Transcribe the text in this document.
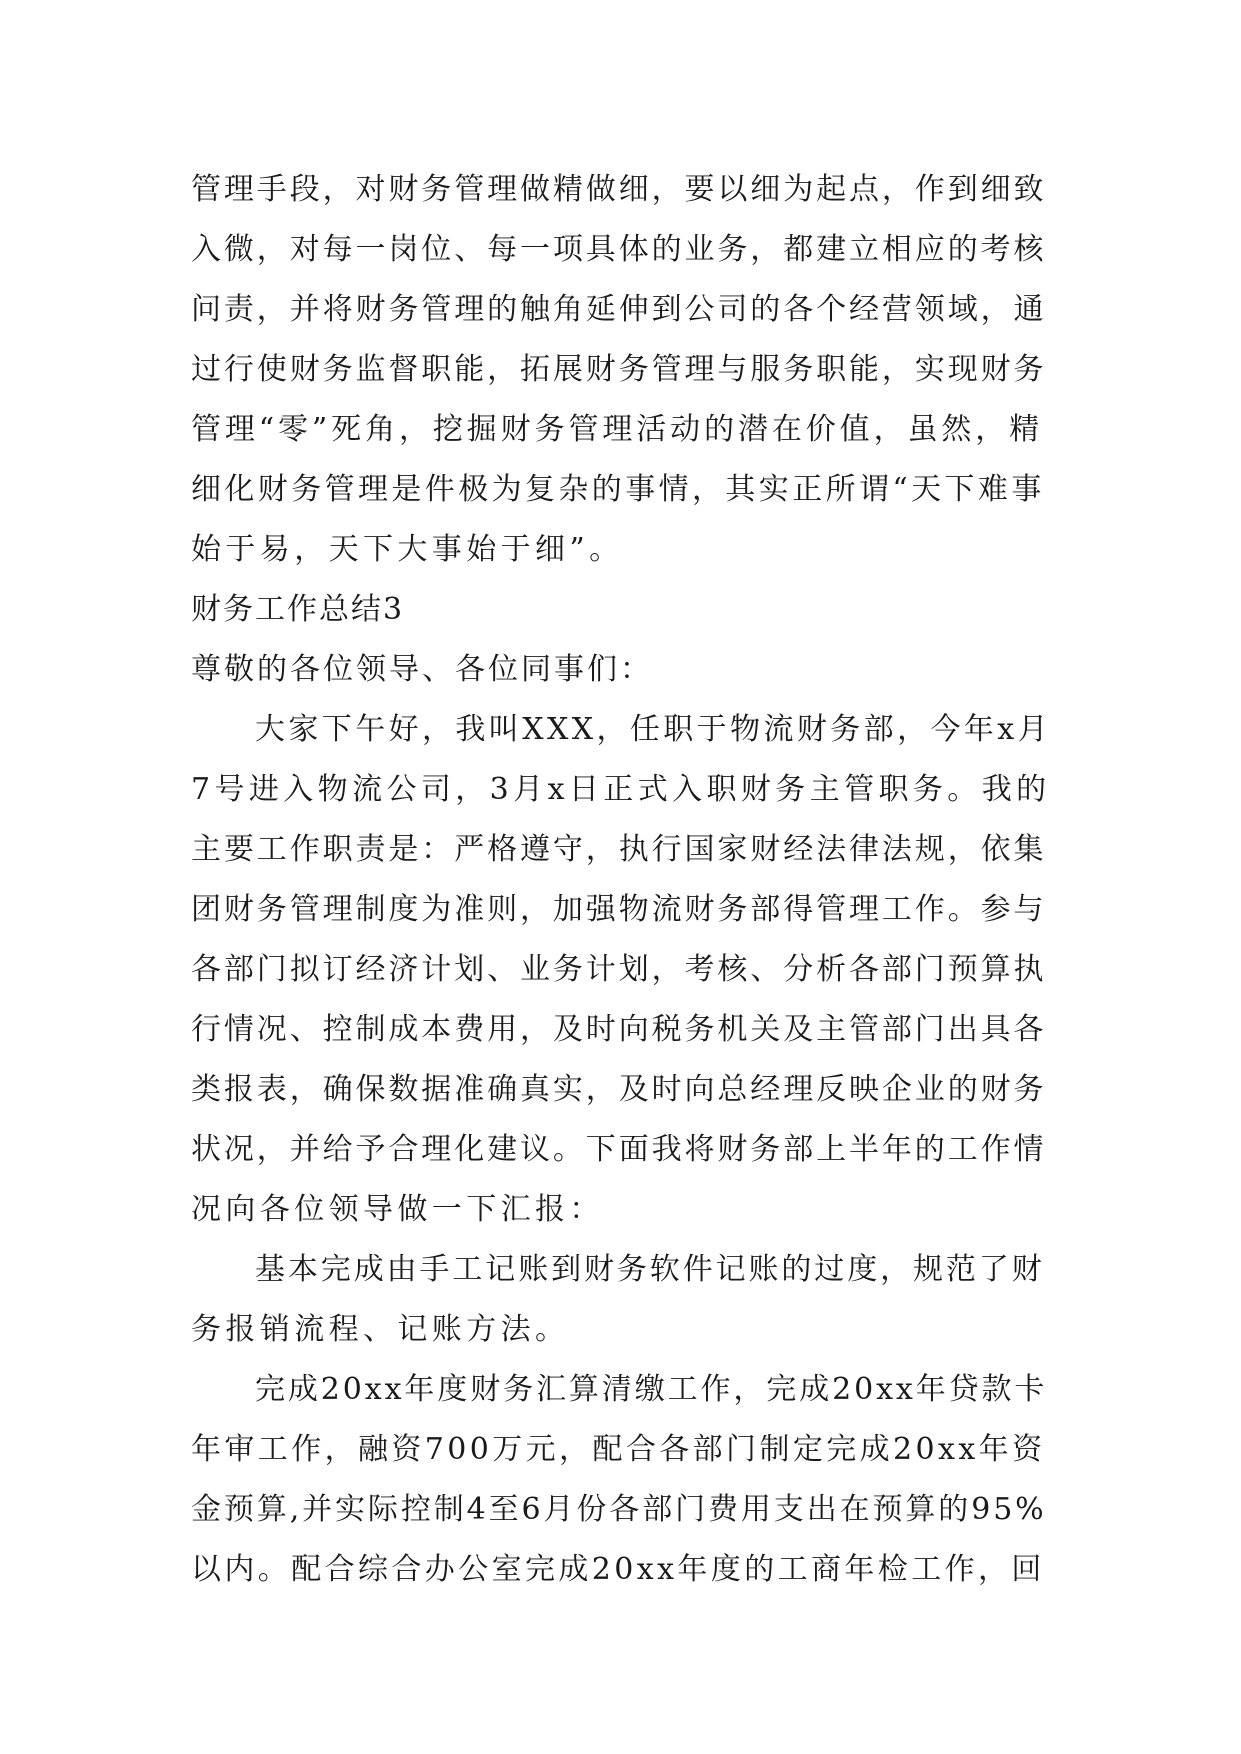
管理手段，对财务管理做精做细，要以细为起点，作到细致
入微，对每一岗位、每一项具体的业务，都建立相应的考核
问责，并将财务管理的触角延伸到公司的各个经营领域，通
过行使财务监督职能，拓展财务管理与服务职能，实现财务
管理“零”死角，挖掘财务管理活动的潜在价值，虽然，精
细化财务管理是件极为复杂的事情，其实正所谓“天下难事
始于易，天下大事始于细”。
财务工作总结3
尊敬的各位领导、各位同事们：
大家下午好，我叫XXX，任职于物流财务部，今年x月
7号进入物流公司，3月x日正式入职财务主管职务。我的
主要工作职责是：严格遵守，执行国家财经法律法规，依集
团财务管理制度为准则，加强物流财务部得管理工作。参与
各部门拟订经济计划、业务计划，考核、分析各部门预算执
行情况、控制成本费用，及时向税务机关及主管部门出具各
类报表，确保数据准确真实，及时向总经理反映企业的财务
状况，并给予合理化建议。下面我将财务部上半年的工作情
况向各位领导做一下汇报：
基本完成由手工记账到财务软件记账的过度，规范了财
务报销流程、记账方法。
完成20xx年度财务汇算清缴工作，完成20xx年贷款卡
年审工作，融资700万元，配合各部门制定完成20xx年资
金预算,并实际控制4至6月份各部门费用支出在预算的95%
以内。配合综合办公室完成20xx年度的工商年检工作，回
